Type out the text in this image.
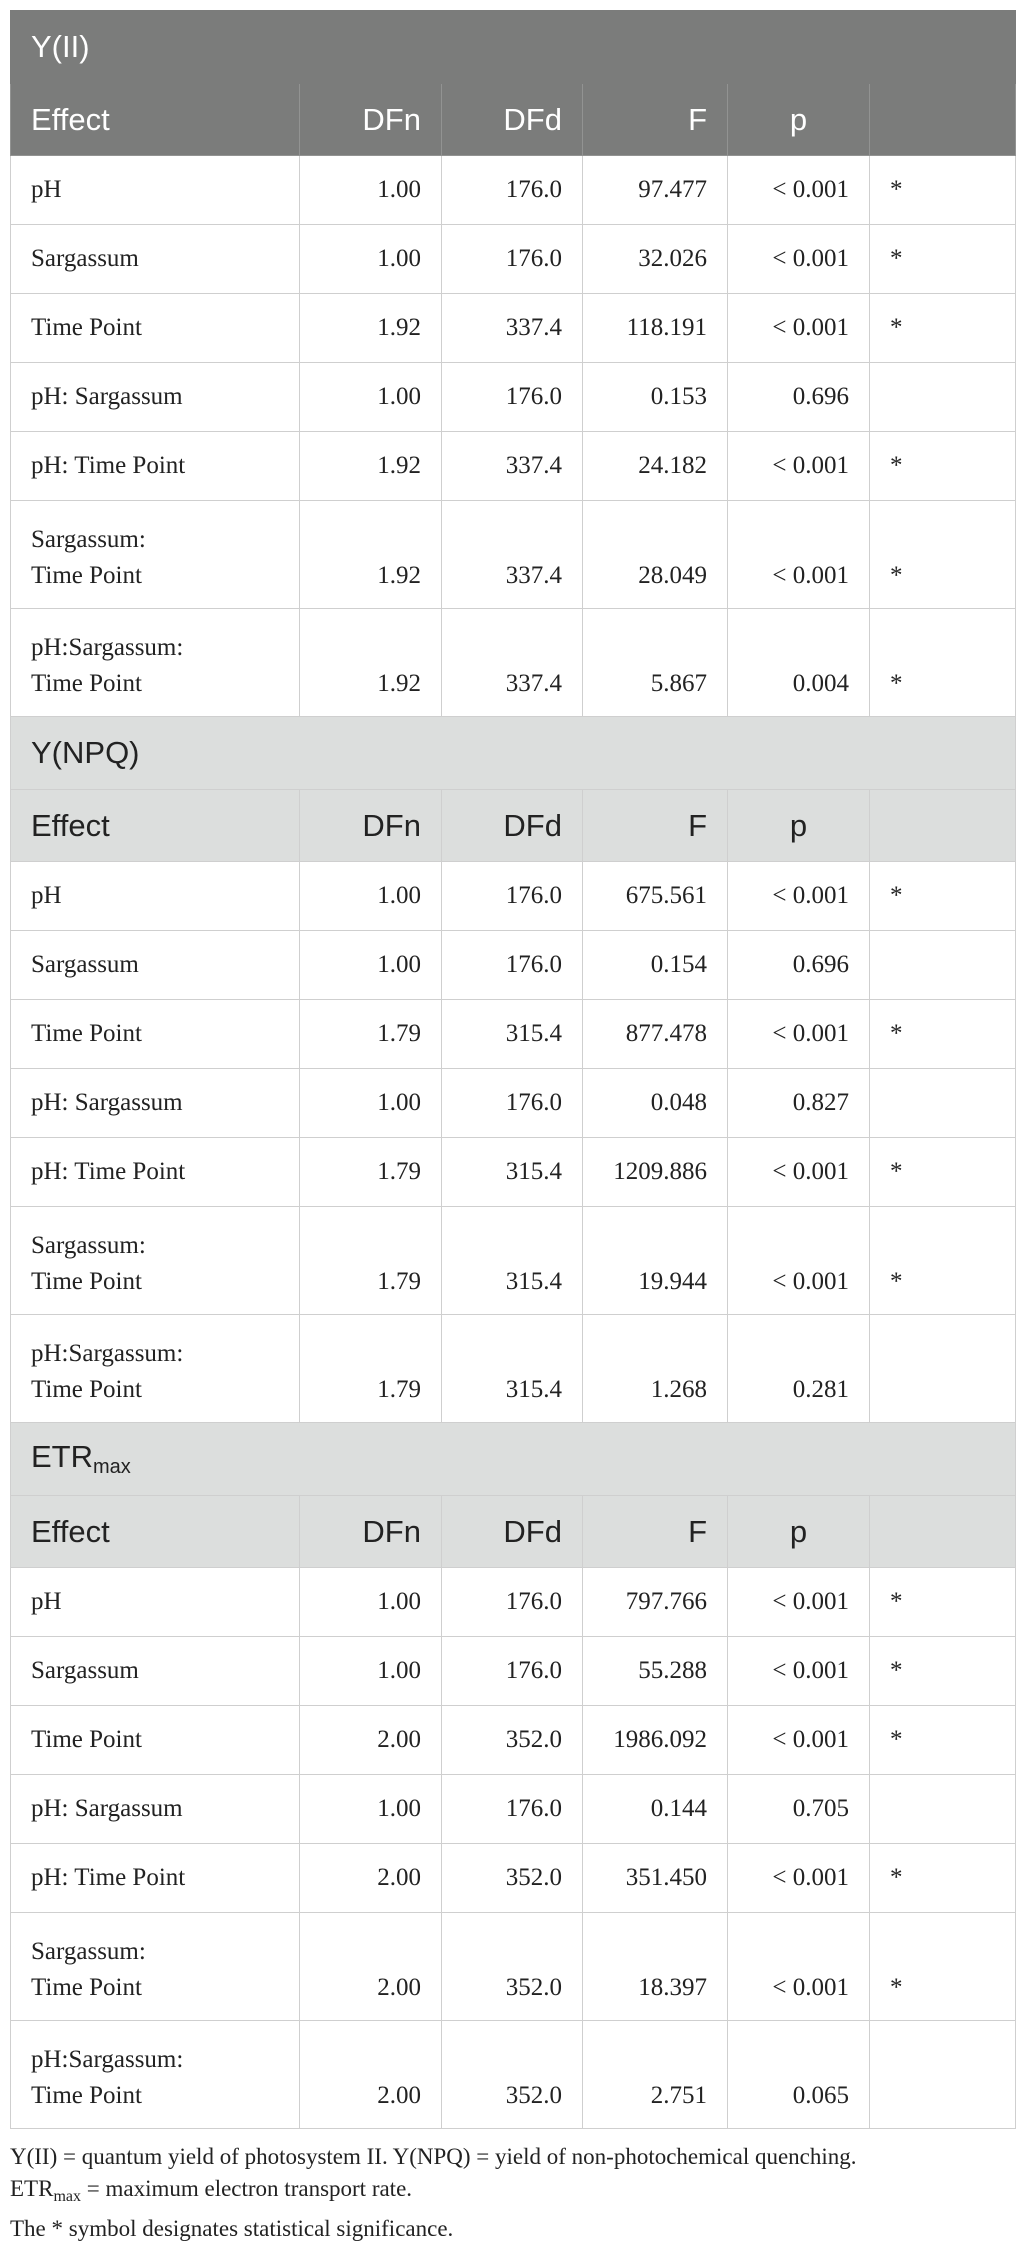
Y(II)					
Effect	DFn	DFd	F	p	
pH	1.00	176.0	97.477	< 0.001	*
Sargassum	1.00	176.0	32.026	< 0.001	*
Time Point	1.92	337.4	118.191	< 0.001	*
pH: Sargassum	1.00	176.0	0.153	0.696	
pH: Time Point	1.92	337.4	24.182	< 0.001	*

Sargassum:
Time Point	1.92	337.4	28.049	< 0.001	*

pH:Sargassum:
Time Point	1.92	337.4	5.867	0.004	*
Y(NPQ)					
Effect	DFn	DFd	F	p	
pH	1.00	176.0	675.561	< 0.001	*
Sargassum	1.00	176.0	0.154	0.696	
Time Point	1.79	315.4	877.478	< 0.001	*
pH: Sargassum	1.00	176.0	0.048	0.827	
pH: Time Point	1.79	315.4	1209.886	< 0.001	*

Sargassum:
Time Point	1.79	315.4	19.944	< 0.001	*

pH:Sargassum:
Time Point	1.79	315.4	1.268	0.281	
$ETR_{max}$
Effect	DFn	DFd	F	p	
pH	1.00	176.0	797.766	< 0.001	*
Sargassum	1.00	176.0	55.288	< 0.001	*
Time Point	2.00	352.0	1986.092	< 0.001	*
pH: Sargassum	1.00	176.0	0.144	0.705	
pH: Time Point	2.00	352.0	351.450	< 0.001	*

Sargassum:
Time Point	2.00	352.0	18.397	< 0.001	*

pH:Sargassum:
Time Point	2.00	352.0	2.751	0.065	
Y(II) = quantum yield of photosystem II. Y(NPQ) = yield of non-photochemical quenching.
$ETR_{max}$ = maximum electron transport rate.
The * symbol designates statistical significance.
